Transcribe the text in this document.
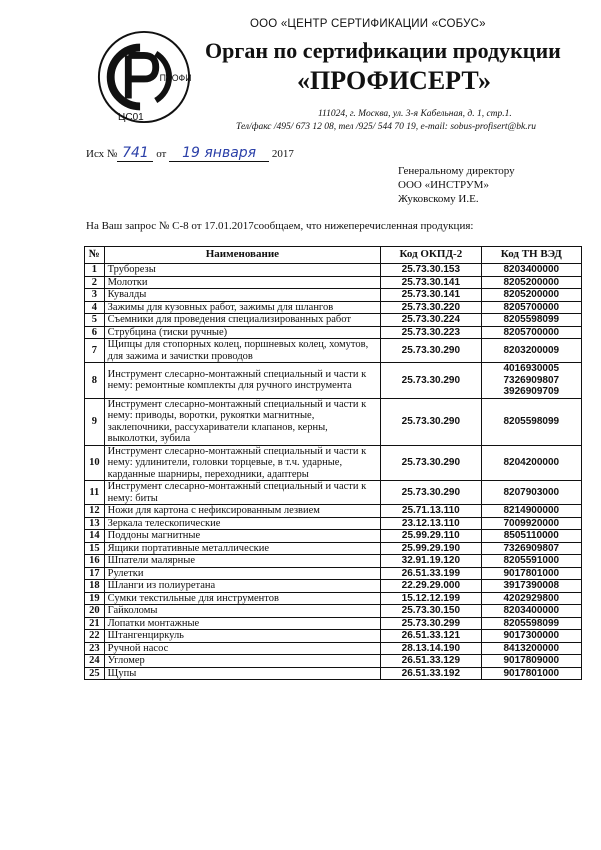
ПРОФИ
ЦС01
ООО «ЦЕНТР СЕРТИФИКАЦИИ «СОБУС»
Орган по сертификации продукции
«ПРОФИСЕРТ»
111024, г. Москва, ул. 3-я Кабельная, д. 1, стр.1.
Тел/факс /495/ 673 12 08, тел /925/ 544 70 19, e-mail: sobus-profisert@bk.ru
Исх № 741 от 19 января 2017
Генеральному директору
ООО «ИНСТРУМ»
Жуковскому И.Е.
На Ваш запрос № С-8 от 17.01.2017сообщаем, что нижеперечисленная продукция:
№	Наименование	Код ОКПД-2	Код ТН ВЭД
1	Труборезы	25.73.30.153	8203400000
2	Молотки	25.73.30.141	8205200000
3	Кувалды	25.73.30.141	8205200000
4	Зажимы для кузовных работ, зажимы для шлангов	25.73.30.220	8205700000
5	Съемники для проведения специализированных работ	25.73.30.224	8205598099
6	Струбцина (тиски ручные)	25.73.30.223	8205700000
7	Щипцы для стопорных колец, поршневых колец, хомутов, для зажима и зачистки проводов	25.73.30.290	8203200009
8	Инструмент слесарно-монтажный специальный и части к нему: ремонтные комплекты для ручного инструмента	25.73.30.290	4016930005
7326909807
3926909709
9	Инструмент слесарно-монтажный специальный и части к нему: приводы, воротки, рукоятки магнитные, заклепочники, рассухариватели клапанов, керны, выколотки, зубила	25.73.30.290	8205598099
10	Инструмент слесарно-монтажный специальный и части к нему: удлинители, головки торцевые, в т.ч. ударные, карданные шарниры, переходники, адаптеры	25.73.30.290	8204200000
11	Инструмент слесарно-монтажный специальный и части к нему: биты	25.73.30.290	8207903000
12	Ножи для картона с нефиксированным лезвием	25.71.13.110	8214900000
13	Зеркала телескопические	23.12.13.110	7009920000
14	Поддоны магнитные	25.99.29.110	8505110000
15	Ящики портативные металлические	25.99.29.190	7326909807
16	Шпатели малярные	32.91.19.120	8205591000
17	Рулетки	26.51.33.199	9017801000
18	Шланги из полиуретана	22.29.29.000	3917390008
19	Сумки текстильные для инструментов	15.12.12.199	4202929800
20	Гайколомы	25.73.30.150	8203400000
21	Лопатки монтажные	25.73.30.299	8205598099
22	Штангенциркуль	26.51.33.121	9017300000
23	Ручной насос	28.13.14.190	8413200000
24	Угломер	26.51.33.129	9017809000
25	Щупы	26.51.33.192	9017801000
